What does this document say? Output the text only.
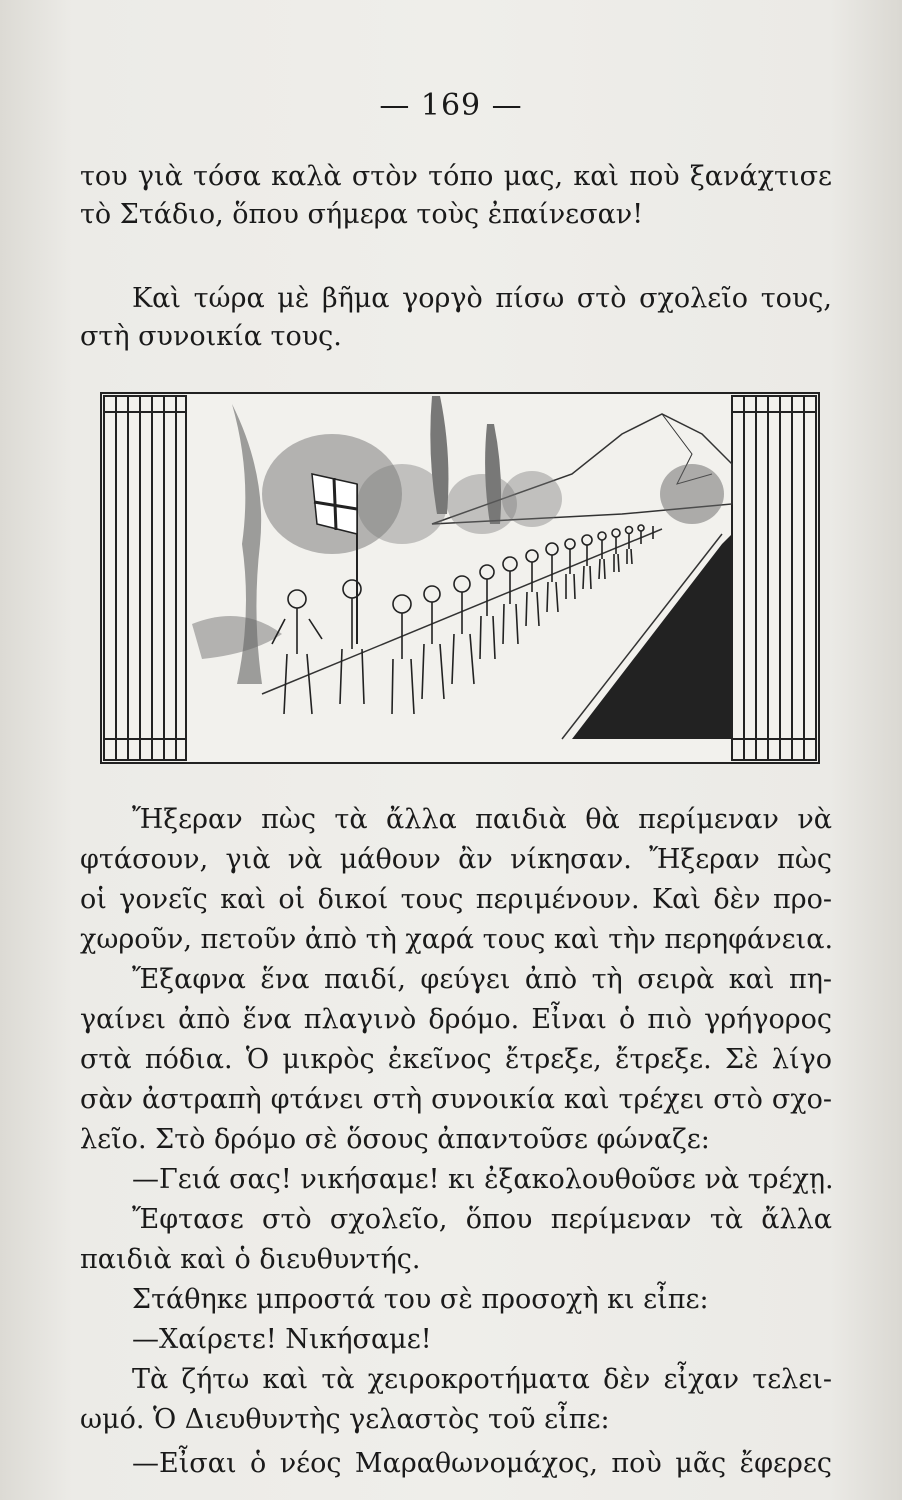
— 169 —
του γιὰ τόσα καλὰ στὸν τόπο μας, καὶ ποὺ ξανάχτισε
τὸ Στάδιο, ὅπου σήμερα τοὺς ἐπαίνεσαν!
Καὶ τώρα μὲ βῆμα γοργὸ πίσω στὸ σχολεῖο τους,
στὴ συνοικία τους.
Ἤξεραν πὼς τὰ ἄλλα παιδιὰ θὰ περίμεναν νὰ
φτάσουν, γιὰ νὰ μάθουν ἂν νίκησαν. Ἤξεραν πὼς
οἱ γονεῖς καὶ οἱ δικοί τους περιμένουν. Καὶ δὲν προ-
χωροῦν, πετοῦν ἀπὸ τὴ χαρά τους καὶ τὴν περηφάνεια.
Ἔξαφνα ἕνα παιδί, φεύγει ἀπὸ τὴ σειρὰ καὶ πη-
γαίνει ἀπὸ ἕνα πλαγινὸ δρόμο. Εἶναι ὁ πιὸ γρήγορος
στὰ πόδια. Ὁ μικρὸς ἐκεῖνος ἔτρεξε, ἔτρεξε. Σὲ λίγο
σὰν ἀστραπὴ φτάνει στὴ συνοικία καὶ τρέχει στὸ σχο-
λεῖο. Στὸ δρόμο σὲ ὅσους ἀπαντοῦσε φώναζε:
—Γειά σας! νικήσαμε! κι ἐξακολουθοῦσε νὰ τρέχῃ.
Ἔφτασε στὸ σχολεῖο, ὅπου περίμεναν τὰ ἄλλα
παιδιὰ καὶ ὁ διευθυντής.
Στάθηκε μπροστά του σὲ προσοχὴ κι εἶπε:
—Χαίρετε! Νικήσαμε!
Τὰ ζήτω καὶ τὰ χειροκροτήματα δὲν εἶχαν τελει-
ωμό. Ὁ Διευθυντὴς γελαστὸς τοῦ εἶπε:
—Εἶσαι ὁ νέος Μαραθωνομάχος, ποὺ μᾶς ἔφερες
